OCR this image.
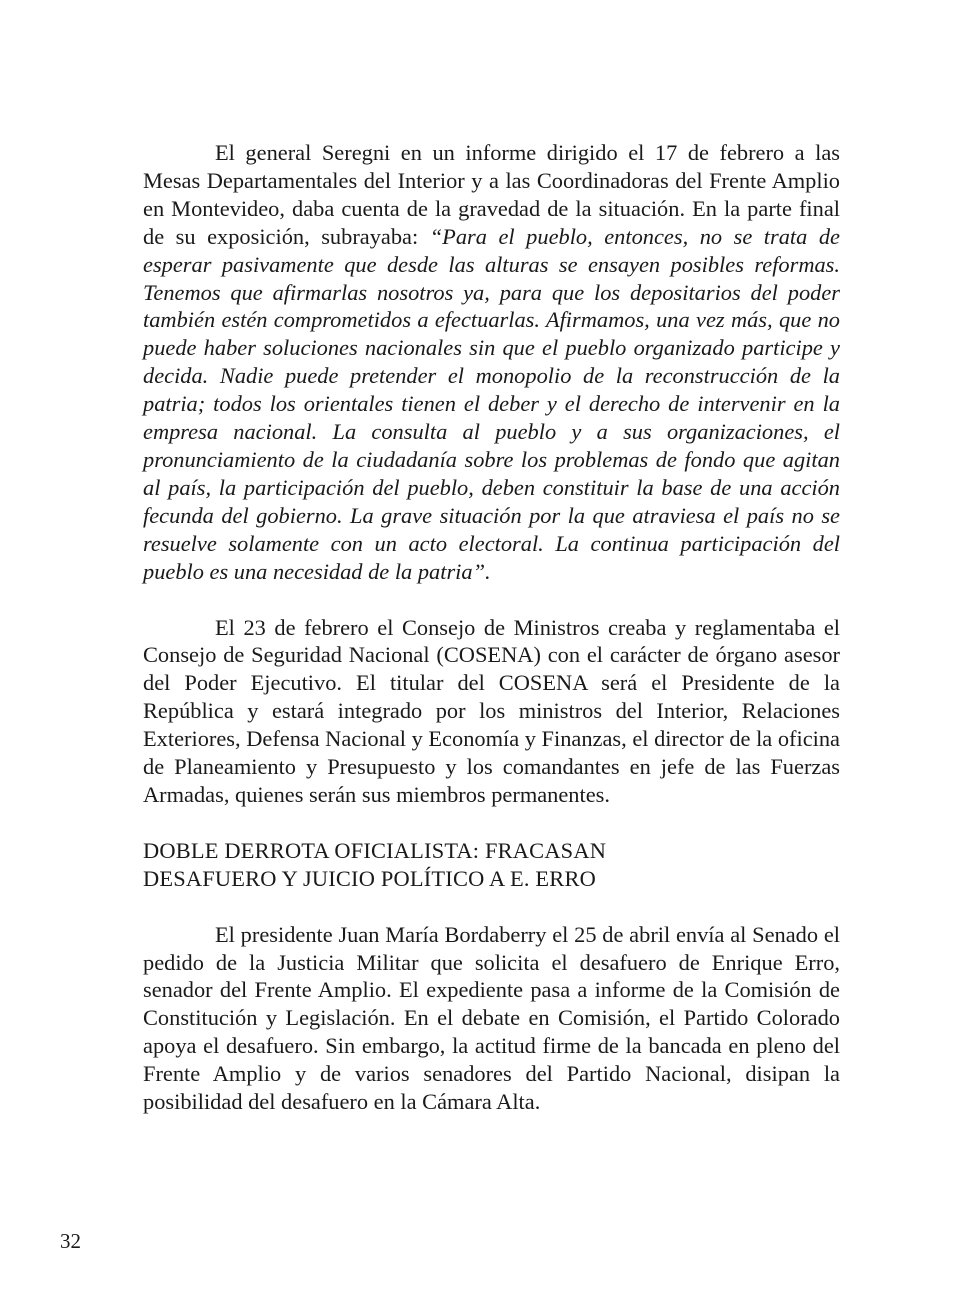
El general Seregni en un informe dirigido el 17 de febrero a las Mesas Departamentales del Interior y a las Coordinadoras del Frente Amplio en Montevideo, daba cuenta de la gravedad de la situación. En la parte final de su exposición, subrayaba: “Para el pueblo, entonces, no se trata de esperar pasivamente que desde las alturas se ensayen posibles reformas. Tenemos que afirmarlas nosotros ya, para que los depositarios del poder también estén comprometidos a efectuarlas. Afirmamos, una vez más, que no puede haber soluciones nacionales sin que el pueblo organizado participe y decida. Nadie puede pretender el monopolio de la reconstrucción de la patria; todos los orientales tienen el deber y el derecho de intervenir en la empresa nacional. La consulta al pueblo y a sus organizaciones, el pronunciamiento de la ciudadanía sobre los problemas de fondo que agitan al país, la participación del pueblo, deben constituir la base de una acción fecunda del gobierno. La grave situación por la que atraviesa el país no se resuelve solamente con un acto electoral. La continua participación del pueblo es una necesidad de la patria”.

El 23 de febrero el Consejo de Ministros creaba y reglamentaba el Consejo de Seguridad Nacional (COSENA) con el carácter de órgano asesor del Poder Ejecutivo. El titular del COSENA será el Presidente de la República y estará integrado por los ministros del Interior, Relaciones Exteriores, Defensa Nacional y Economía y Finanzas, el director de la oficina de Planeamiento y Presupuesto y los comandantes en jefe de las Fuerzas Armadas, quienes serán sus miembros permanentes.

DOBLE DERROTA OFICIALISTA: FRACASAN
DESAFUERO Y JUICIO POLÍTICO A E. ERRO

El presidente Juan María Bordaberry el 25 de abril envía al Senado el pedido de la Justicia Militar que solicita el desafuero de Enrique Erro, senador del Frente Amplio. El expediente pasa a informe de la Comisión de Constitución y Legislación. En el debate en Comisión, el Partido Colorado apoya el desafuero. Sin embargo, la actitud firme de la bancada en pleno del Frente Amplio y de varios senadores del Partido Nacional, disipan la posibilidad del desafuero en la Cámara Alta.

32
